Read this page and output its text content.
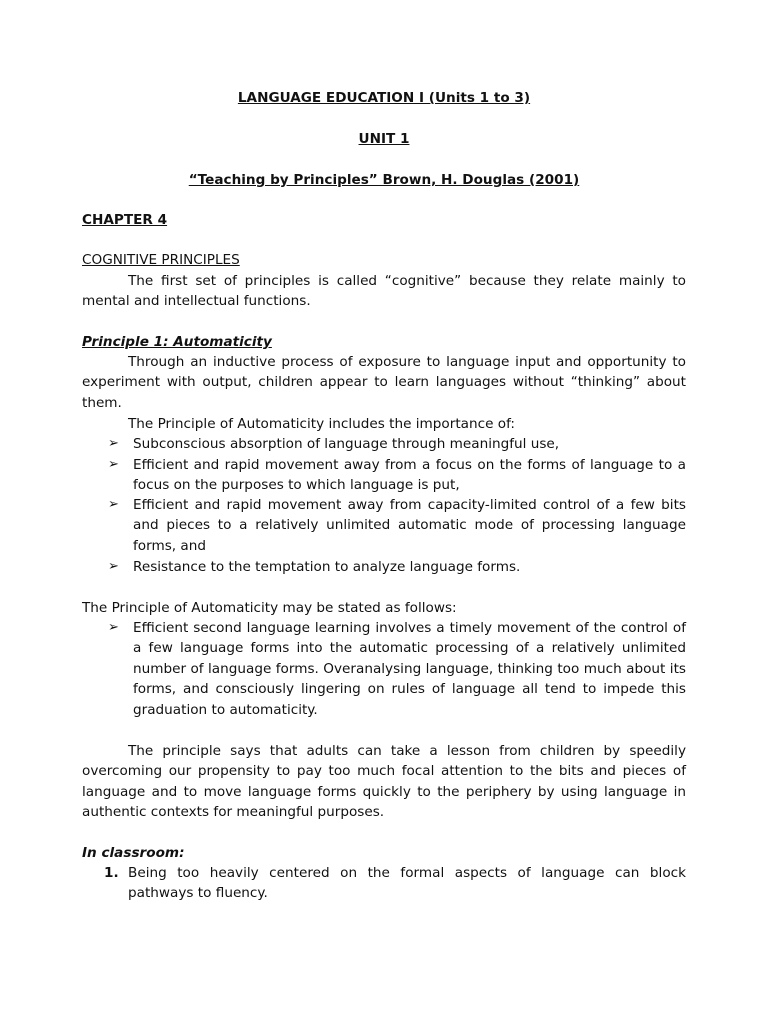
LANGUAGE EDUCATION I (Units 1 to 3)

UNIT 1

“Teaching by Principles” Brown, H. Douglas (2001)

CHAPTER 4

COGNITIVE PRINCIPLES

The first set of principles is called “cognitive” because they relate mainly to mental and intellectual functions.

Principle 1: Automaticity

Through an inductive process of exposure to language input and opportunity to experiment with output, children appear to learn languages without “thinking” about them.

The Principle of Automaticity includes the importance of:

➢	Subconscious absorption of language through meaningful use,
➢	Efficient and rapid movement away from a focus on the forms of language to a focus on the purposes to which language is put,
➢	Efficient and rapid movement away from capacity-limited control of a few bits and pieces to a relatively unlimited automatic mode of processing language forms, and
➢	Resistance to the temptation to analyze language forms.

The Principle of Automaticity may be stated as follows:

➢	Efficient second language learning involves a timely movement of the control of a few language forms into the automatic processing of a relatively unlimited number of language forms. Overanalysing language, thinking too much about its forms, and consciously lingering on rules of language all tend to impede this graduation to automaticity.

The principle says that adults can take a lesson from children by speedily overcoming our propensity to pay too much focal attention to the bits and pieces of language and to move language forms quickly to the periphery by using language in authentic contexts for meaningful purposes.

In classroom:

1. Being too heavily centered on the formal aspects of language can block pathways to fluency.
